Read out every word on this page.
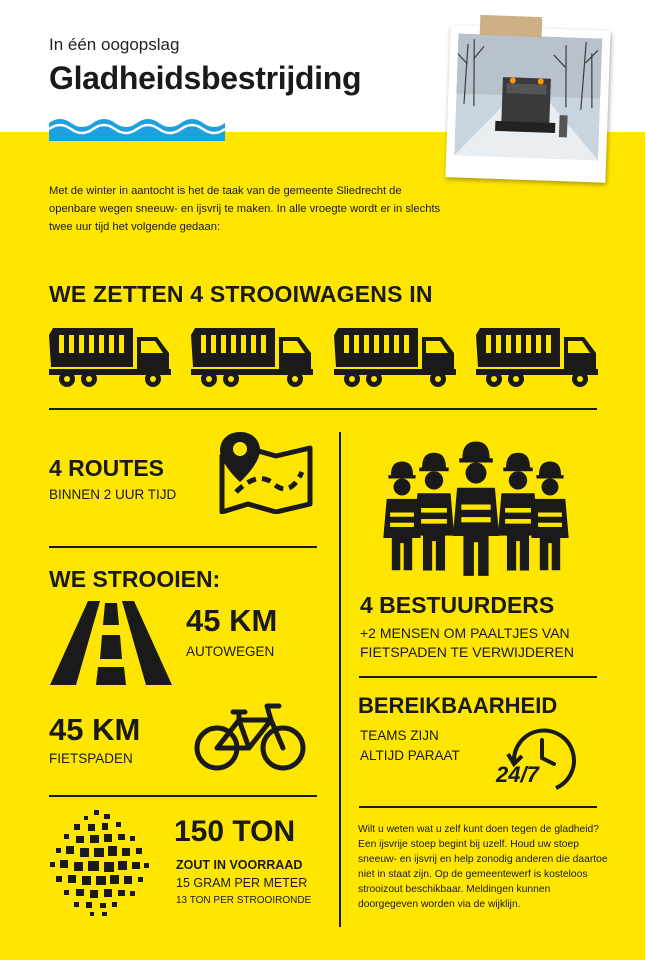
In één oogopslag
Gladheidsbestrijding
Met de winter in aantocht is het de taak van de gemeente Sliedrecht de openbare wegen sneeuw- en ijsvrij te maken. In alle vroegte wordt er in slechts twee uur tijd het volgende gedaan:
WE ZETTEN 4 STROOIWAGENS IN
4 ROUTES
BINNEN 2 UUR TIJD
WE STROOIEN:
45 KM
AUTOWEGEN
45 KM
FIETSPADEN
150 TON
ZOUT IN VOORRAAD
15 GRAM PER METER
13 TON PER STROOIRONDE
4 BESTUURDERS
+2 MENSEN OM PAALTJES VAN
FIETSPADEN TE VERWIJDEREN
BEREIKBAARHEID
TEAMS ZIJN
ALTIJD PARAAT
24/7
Wilt u weten wat u zelf kunt doen tegen de gladheid? Een ijsvrije stoep begint bij uzelf. Houd uw stoep sneeuw- en ijsvrij en help zonodig anderen die daartoe niet in staat zijn. Op de gemeentewerf is kosteloos strooizout beschikbaar. Meldingen kunnen doorgegeven worden via de wijklijn.
